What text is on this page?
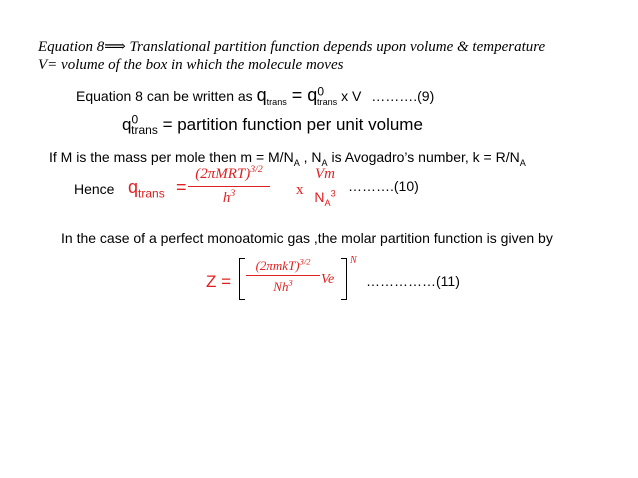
Equation 8⟹ Translational partition function depends upon volume & temperature
V= volume of the box in which the molecule moves
Equation 8 can be written as $q_{trans} = q^0_{trans}$ x V ……….(9)
$q^0_{trans}$ = partition function per unit volume
If M is the mass per mole then $m = M/N_A$ , $N_A$ is Avogadro’s number, $k = R/N_A$
Hence $q_{trans}$ =
$(2\pi MRT)^{3/2}$
$h^3$	x
Vm
$N_A^3$ ……….(10)
In the case of a perfect monoatomic gas ,the molar partition function is given by
Z =
$(2\pi mkT)^{3/2}$
Nh$^3$	Ve
N
……………(11)
